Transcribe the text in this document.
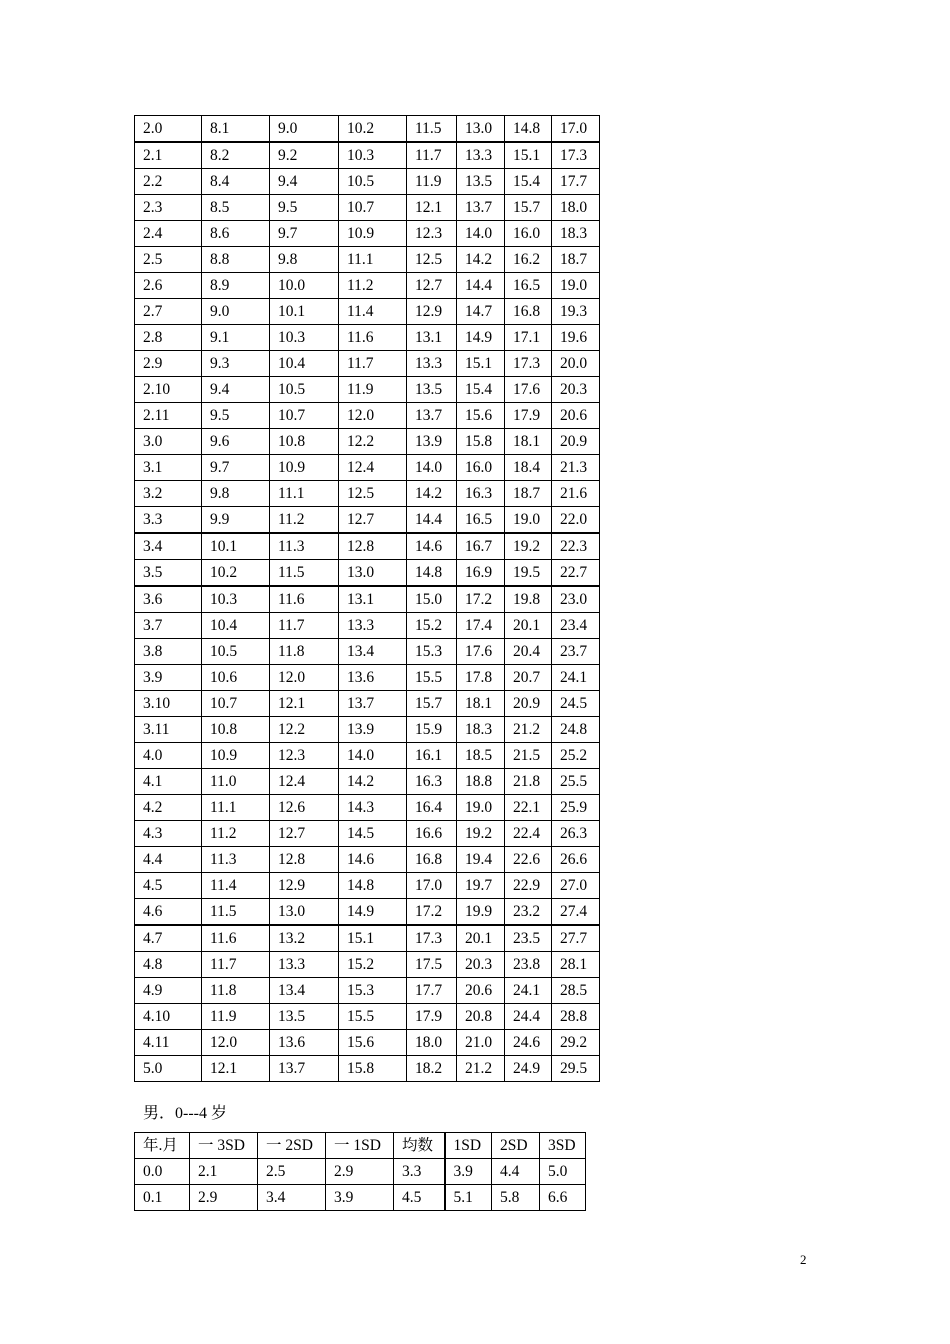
2.0	8.1	9.0	10.2	11.5	13.0	14.8	17.0
2.1	8.2	9.2	10.3	11.7	13.3	15.1	17.3
2.2	8.4	9.4	10.5	11.9	13.5	15.4	17.7
2.3	8.5	9.5	10.7	12.1	13.7	15.7	18.0
2.4	8.6	9.7	10.9	12.3	14.0	16.0	18.3
2.5	8.8	9.8	11.1	12.5	14.2	16.2	18.7
2.6	8.9	10.0	11.2	12.7	14.4	16.5	19.0
2.7	9.0	10.1	11.4	12.9	14.7	16.8	19.3
2.8	9.1	10.3	11.6	13.1	14.9	17.1	19.6
2.9	9.3	10.4	11.7	13.3	15.1	17.3	20.0
2.10	9.4	10.5	11.9	13.5	15.4	17.6	20.3
2.11	9.5	10.7	12.0	13.7	15.6	17.9	20.6
3.0	9.6	10.8	12.2	13.9	15.8	18.1	20.9
3.1	9.7	10.9	12.4	14.0	16.0	18.4	21.3
3.2	9.8	11.1	12.5	14.2	16.3	18.7	21.6
3.3	9.9	11.2	12.7	14.4	16.5	19.0	22.0
3.4	10.1	11.3	12.8	14.6	16.7	19.2	22.3
3.5	10.2	11.5	13.0	14.8	16.9	19.5	22.7
3.6	10.3	11.6	13.1	15.0	17.2	19.8	23.0
3.7	10.4	11.7	13.3	15.2	17.4	20.1	23.4
3.8	10.5	11.8	13.4	15.3	17.6	20.4	23.7
3.9	10.6	12.0	13.6	15.5	17.8	20.7	24.1
3.10	10.7	12.1	13.7	15.7	18.1	20.9	24.5
3.11	10.8	12.2	13.9	15.9	18.3	21.2	24.8
4.0	10.9	12.3	14.0	16.1	18.5	21.5	25.2
4.1	11.0	12.4	14.2	16.3	18.8	21.8	25.5
4.2	11.1	12.6	14.3	16.4	19.0	22.1	25.9
4.3	11.2	12.7	14.5	16.6	19.2	22.4	26.3
4.4	11.3	12.8	14.6	16.8	19.4	22.6	26.6
4.5	11.4	12.9	14.8	17.0	19.7	22.9	27.0
4.6	11.5	13.0	14.9	17.2	19.9	23.2	27.4
4.7	11.6	13.2	15.1	17.3	20.1	23.5	27.7
4.8	11.7	13.3	15.2	17.5	20.3	23.8	28.1
4.9	11.8	13.4	15.3	17.7	20.6	24.1	28.5
4.10	11.9	13.5	15.5	17.9	20.8	24.4	28.8
4.11	12.0	13.6	15.6	18.0	21.0	24.6	29.2
5.0	12.1	13.7	15.8	18.2	21.2	24.9	29.5
男．0---4 岁
年.月	一 3SD	一 2SD	一 1SD	均数	1SD	2SD	3SD
0.0	2.1	2.5	2.9	3.3	3.9	4.4	5.0
0.1	2.9	3.4	3.9	4.5	5.1	5.8	6.6
2
